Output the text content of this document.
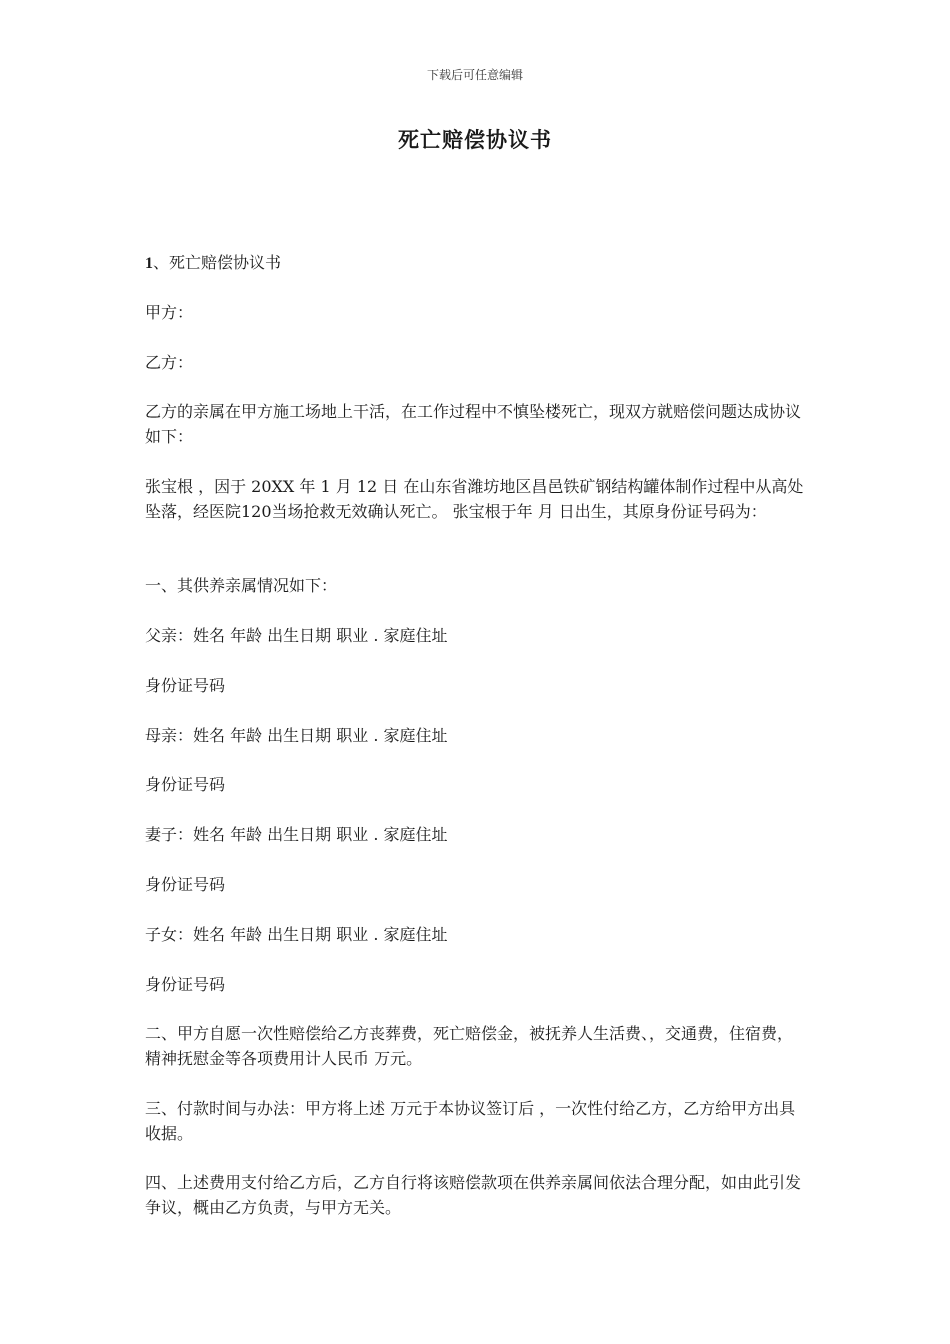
下载后可任意编辑
死亡赔偿协议书

1、死亡赔偿协议书

甲方：

乙方：

乙方的亲属在甲方施工场地上干活，在工作过程中不慎坠楼死亡，现双方就赔偿问题达成协议如下：

张宝根 ，因于 20XX 年 1 月 12 日 在山东省潍坊地区昌邑铁矿钢结构罐体制作过程中从高处坠落，经医院120当场抢救无效确认死亡。 张宝根于年 月 日出生，其原身份证号码为：

一、其供养亲属情况如下：

父亲：姓名 年龄 出生日期 职业 . 家庭住址

身份证号码

母亲：姓名 年龄 出生日期 职业 . 家庭住址

身份证号码

妻子：姓名 年龄 出生日期 职业 . 家庭住址

身份证号码

子女：姓名 年龄 出生日期 职业 . 家庭住址

身份证号码

二、甲方自愿一次性赔偿给乙方丧葬费，死亡赔偿金，被抚养人生活费、，交通费，住宿费，精神抚慰金等各项费用计人民币 万元。

三、付款时间与办法：甲方将上述 万元于本协议签订后 ，一次性付给乙方，乙方给甲方出具收据。

四、上述费用支付给乙方后，乙方自行将该赔偿款项在供养亲属间依法合理分配，如由此引发争议，概由乙方负责，与甲方无关。
